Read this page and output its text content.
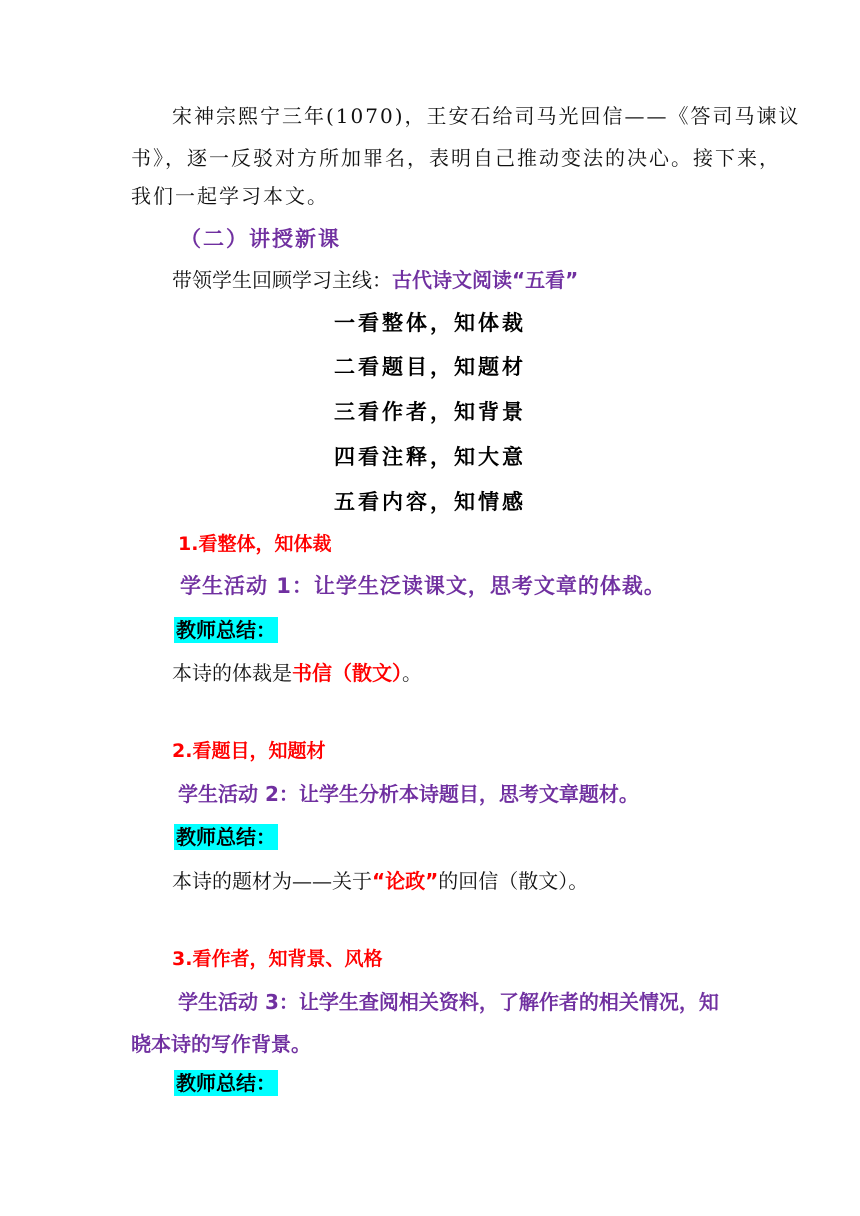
宋神宗熙宁三年(1070)，王安石给司马光回信——《答司马谏议
书》，逐一反驳对方所加罪名，表明自己推动变法的决心。接下来，
我们一起学习本文。
（二）讲授新课
带领学生回顾学习主线：古代诗文阅读“五看”
一看整体，知体裁
二看题目，知题材
三看作者，知背景
四看注释，知大意
五看内容，知情感
1.看整体，知体裁
学生活动 1：让学生泛读课文，思考文章的体裁。
教师总结：
本诗的体裁是书信（散文）。
2.看题目，知题材
学生活动 2：让学生分析本诗题目，思考文章题材。
教师总结：
本诗的题材为——关于“论政”的回信（散文）。
3.看作者，知背景、风格
学生活动 3：让学生查阅相关资料，了解作者的相关情况，知
晓本诗的写作背景。
教师总结：
